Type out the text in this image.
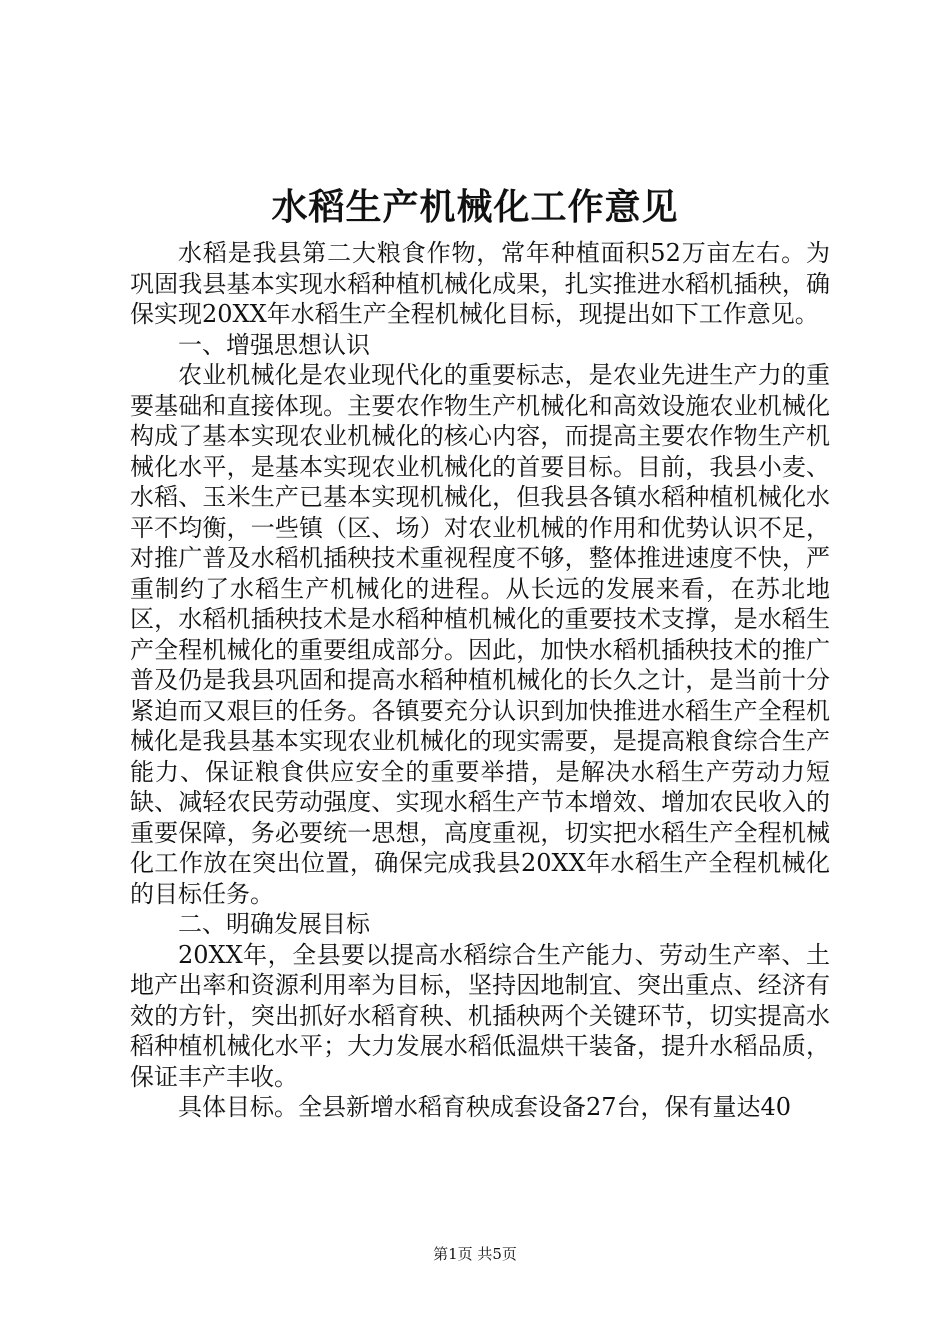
水稻生产机械化工作意见

水稻是我县第二大粮食作物，常年种植面积52万亩左右。为巩固我县基本实现水稻种植机械化成果，扎实推进水稻机插秧，确保实现20XX年水稻生产全程机械化目标，现提出如下工作意见。

一、增强思想认识

农业机械化是农业现代化的重要标志，是农业先进生产力的重要基础和直接体现。主要农作物生产机械化和高效设施农业机械化构成了基本实现农业机械化的核心内容，而提高主要农作物生产机械化水平，是基本实现农业机械化的首要目标。目前，我县小麦、水稻、玉米生产已基本实现机械化，但我县各镇水稻种植机械化水平不均衡，一些镇（区、场）对农业机械的作用和优势认识不足，对推广普及水稻机插秧技术重视程度不够，整体推进速度不快，严重制约了水稻生产机械化的进程。从长远的发展来看，在苏北地区，水稻机插秧技术是水稻种植机械化的重要技术支撑，是水稻生产全程机械化的重要组成部分。因此，加快水稻机插秧技术的推广普及仍是我县巩固和提高水稻种植机械化的长久之计，是当前十分紧迫而又艰巨的任务。各镇要充分认识到加快推进水稻生产全程机械化是我县基本实现农业机械化的现实需要，是提高粮食综合生产能力、保证粮食供应安全的重要举措，是解决水稻生产劳动力短缺、减轻农民劳动强度、实现水稻生产节本增效、增加农民收入的重要保障，务必要统一思想，高度重视，切实把水稻生产全程机械化工作放在突出位置，确保完成我县20XX年水稻生产全程机械化的目标任务。

二、明确发展目标

20XX年，全县要以提高水稻综合生产能力、劳动生产率、土地产出率和资源利用率为目标，坚持因地制宜、突出重点、经济有效的方针，突出抓好水稻育秧、机插秧两个关键环节，切实提高水稻种植机械化水平；大力发展水稻低温烘干装备，提升水稻品质，保证丰产丰收。

具体目标。全县新增水稻育秧成套设备27台，保有量达40

第1页 共5页
